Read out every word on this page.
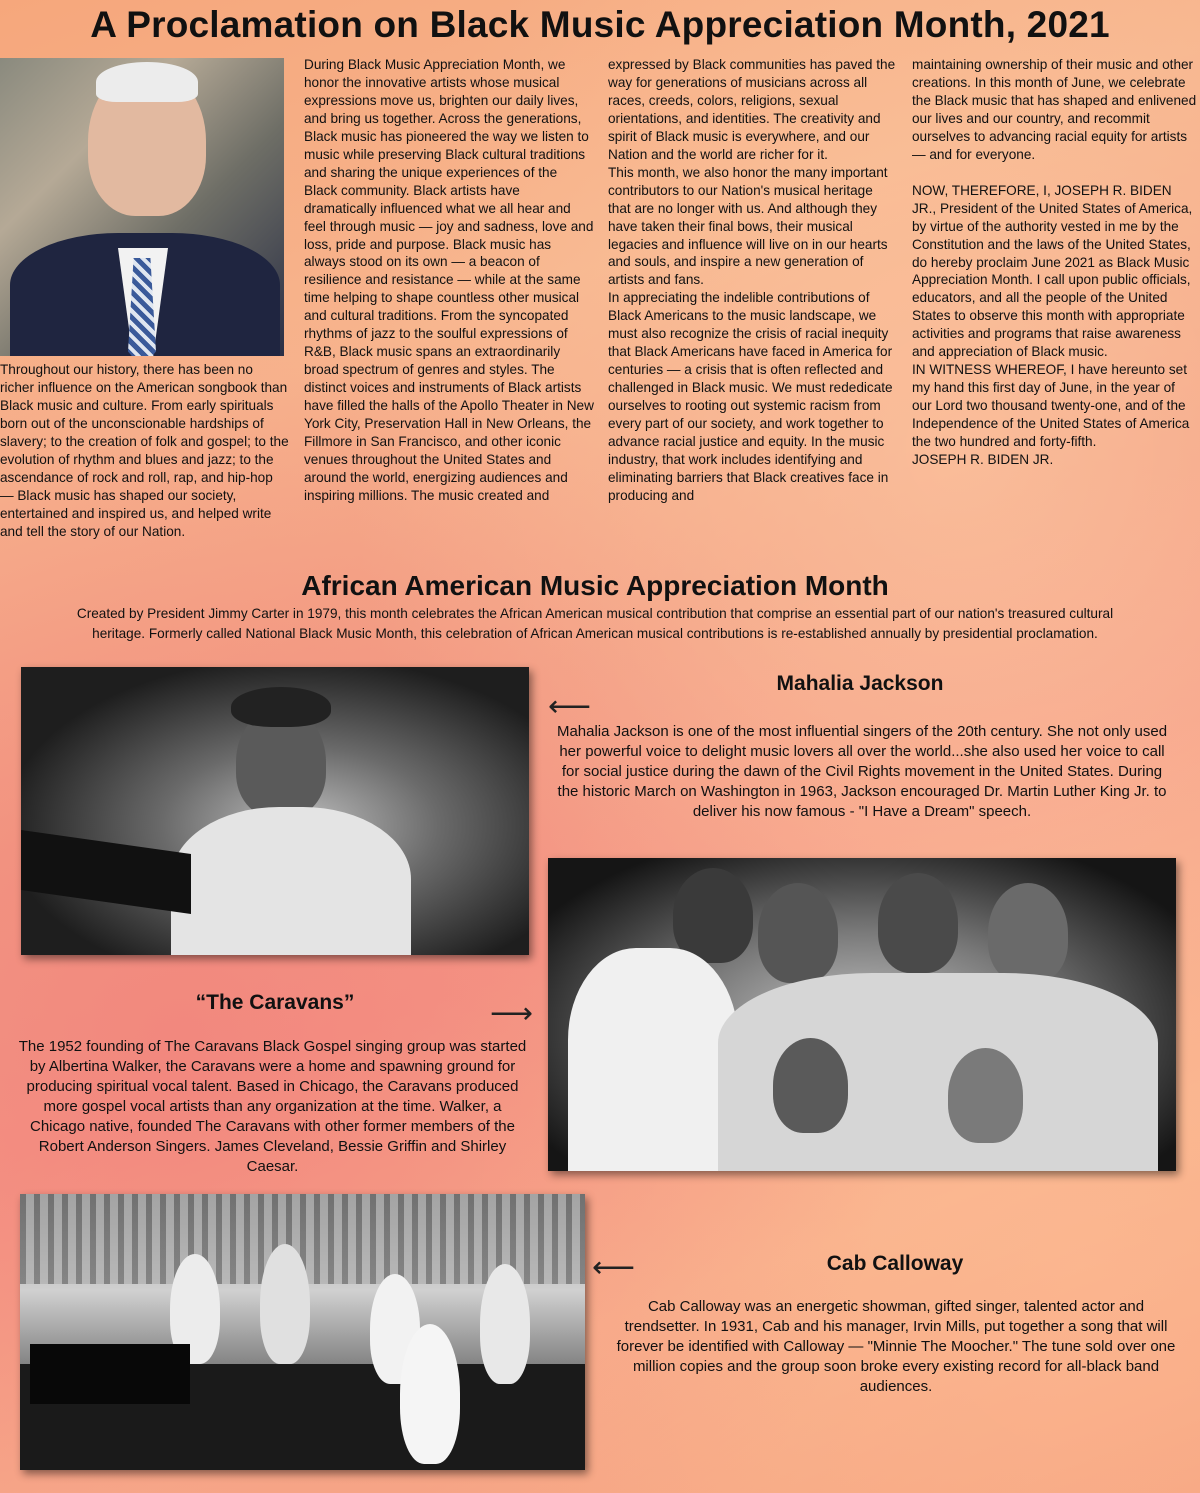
A Proclamation on Black Music Appreciation Month, 2021

Throughout our history, there has been no richer influence on the American songbook than Black music and culture. From early spirituals born out of the unconscionable hardships of slavery; to the creation of folk and gospel; to the evolution of rhythm and blues and jazz; to the ascendance of rock and roll, rap, and hip-hop — Black music has shaped our society, entertained and inspired us, and helped write and tell the story of our Nation.

During Black Music Appreciation Month, we honor the innovative artists whose musical expressions move us, brighten our daily lives, and bring us together. Across the generations, Black music has pioneered the way we listen to music while preserving Black cultural traditions and sharing the unique experiences of the Black community. Black artists have dramatically influenced what we all hear and feel through music — joy and sadness, love and loss, pride and purpose. Black music has always stood on its own — a beacon of resilience and resistance — while at the same time helping to shape countless other musical and cultural traditions. From the syncopated rhythms of jazz to the soulful expressions of R&B, Black music spans an extraordinarily broad spectrum of genres and styles. The distinct voices and instruments of Black artists have filled the halls of the Apollo Theater in New York City, Preservation Hall in New Orleans, the Fillmore in San Francisco, and other iconic venues throughout the United States and around the world, energizing audiences and inspiring millions. The music created and

expressed by Black communities has paved the way for generations of musicians across all races, creeds, colors, religions, sexual orientations, and identities. The creativity and spirit of Black music is everywhere, and our Nation and the world are richer for it.

This month, we also honor the many important contributors to our Nation's musical heritage that are no longer with us. And although they have taken their final bows, their musical legacies and influence will live on in our hearts and souls, and inspire a new generation of artists and fans.

In appreciating the indelible contributions of Black Americans to the music landscape, we must also recognize the crisis of racial inequity that Black Americans have faced in America for centuries — a crisis that is often reflected and challenged in Black music. We must rededicate ourselves to rooting out systemic racism from every part of our society, and work together to advance racial justice and equity. In the music industry, that work includes identifying and eliminating barriers that Black creatives face in producing and

maintaining ownership of their music and other creations. In this month of June, we celebrate the Black music that has shaped and enlivened our lives and our country, and recommit ourselves to advancing racial equity for artists — and for everyone.

NOW, THEREFORE, I, JOSEPH R. BIDEN JR., President of the United States of America, by virtue of the authority vested in me by the Constitution and the laws of the United States, do hereby proclaim June 2021 as Black Music Appreciation Month. I call upon public officials, educators, and all the people of the United States to observe this month with appropriate activities and programs that raise awareness and appreciation of Black music.

IN WITNESS WHEREOF, I have hereunto set my hand this first day of June, in the year of our Lord two thousand twenty-one, and of the Independence of the United States of America the two hundred and forty-fifth.

JOSEPH R. BIDEN JR.

African American Music Appreciation Month

Created by President Jimmy Carter in 1979, this month celebrates the African American musical contribution that comprise an essential part of our nation's treasured cultural heritage. Formerly called National Black Music Month, this celebration of African American musical contributions is re-established annually by presidential proclamation.

⟵
Mahalia Jackson

Mahalia Jackson is one of the most influential singers of the 20th century. She not only used her powerful voice to delight music lovers all over the world...she also used her voice to call for social justice during the dawn of the Civil Rights movement in the United States. During the historic March on Washington in 1963, Jackson encouraged Dr. Martin Luther King Jr. to deliver his now famous - "I Have a Dream" speech.

“The Caravans”	⟶

The 1952 founding of The Caravans Black Gospel singing group was started by Albertina Walker, the Caravans were a home and spawning ground for producing spiritual vocal talent. Based in Chicago, the Caravans produced more gospel vocal artists than any organization at the time. Walker, a Chicago native, founded The Caravans with other former members of the Robert Anderson Singers. James Cleveland, Bessie Griffin and Shirley Caesar.

⟵	Cab Calloway

Cab Calloway was an energetic showman, gifted singer, talented actor and trendsetter. In 1931, Cab and his manager, Irvin Mills, put together a song that will forever be identified with Calloway — "Minnie The Moocher." The tune sold over one million copies and the group soon broke every existing record for all-black band audiences.
